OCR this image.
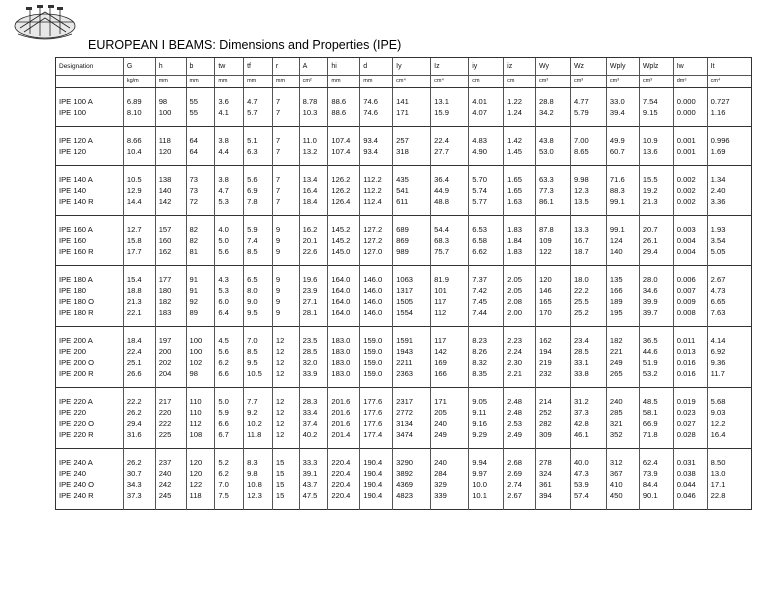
EUROPEAN I BEAMS: Dimensions and Properties (IPE)
Designation	G	h	b	tw	tf	r	A	hi	d	Iy	Iz	iy	iz	Wy	Wz	Wply	Wplz	Iw	It
	kg/m	mm	mm	mm	mm	mm	cm²	mm	mm	cm⁴	cm⁴	cm	cm	cm³	cm³	cm³	cm³	dm⁶	cm⁴
IPE 100 A	6.89	98	55	3.6	4.7	7	8.78	88.6	74.6	141	13.1	4.01	1.22	28.8	4.77	33.0	7.54	0.000	0.727
IPE 100	8.10	100	55	4.1	5.7	7	10.3	88.6	74.6	171	15.9	4.07	1.24	34.2	5.79	39.4	9.15	0.000	1.16
IPE 120 A	8.66	118	64	3.8	5.1	7	11.0	107.4	93.4	257	22.4	4.83	1.42	43.8	7.00	49.9	10.9	0.001	0.996
IPE 120	10.4	120	64	4.4	6.3	7	13.2	107.4	93.4	318	27.7	4.90	1.45	53.0	8.65	60.7	13.6	0.001	1.69
IPE 140 A	10.5	138	73	3.8	5.6	7	13.4	126.2	112.2	435	36.4	5.70	1.65	63.3	9.98	71.6	15.5	0.002	1.34
IPE 140	12.9	140	73	4.7	6.9	7	16.4	126.2	112.2	541	44.9	5.74	1.65	77.3	12.3	88.3	19.2	0.002	2.40
IPE 140 R	14.4	142	72	5.3	7.8	7	18.4	126.4	112.4	611	48.8	5.77	1.63	86.1	13.5	99.1	21.3	0.002	3.36
IPE 160 A	12.7	157	82	4.0	5.9	9	16.2	145.2	127.2	689	54.4	6.53	1.83	87.8	13.3	99.1	20.7	0.003	1.93
IPE 160	15.8	160	82	5.0	7.4	9	20.1	145.2	127.2	869	68.3	6.58	1.84	109	16.7	124	26.1	0.004	3.54
IPE 160 R	17.7	162	81	5.6	8.5	9	22.6	145.0	127.0	989	75.7	6.62	1.83	122	18.7	140	29.4	0.004	5.05
IPE 180 A	15.4	177	91	4.3	6.5	9	19.6	164.0	146.0	1063	81.9	7.37	2.05	120	18.0	135	28.0	0.006	2.67
IPE 180	18.8	180	91	5.3	8.0	9	23.9	164.0	146.0	1317	101	7.42	2.05	146	22.2	166	34.6	0.007	4.73
IPE 180 O	21.3	182	92	6.0	9.0	9	27.1	164.0	146.0	1505	117	7.45	2.08	165	25.5	189	39.9	0.009	6.65
IPE 180 R	22.1	183	89	6.4	9.5	9	28.1	164.0	146.0	1554	112	7.44	2.00	170	25.2	195	39.7	0.008	7.63
IPE 200 A	18.4	197	100	4.5	7.0	12	23.5	183.0	159.0	1591	117	8.23	2.23	162	23.4	182	36.5	0.011	4.14
IPE 200	22.4	200	100	5.6	8.5	12	28.5	183.0	159.0	1943	142	8.26	2.24	194	28.5	221	44.6	0.013	6.92
IPE 200 O	25.1	202	102	6.2	9.5	12	32.0	183.0	159.0	2211	169	8.32	2.30	219	33.1	249	51.9	0.016	9.36
IPE 200 R	26.6	204	98	6.6	10.5	12	33.9	183.0	159.0	2363	166	8.35	2.21	232	33.8	265	53.2	0.016	11.7
IPE 220 A	22.2	217	110	5.0	7.7	12	28.3	201.6	177.6	2317	171	9.05	2.48	214	31.2	240	48.5	0.019	5.68
IPE 220	26.2	220	110	5.9	9.2	12	33.4	201.6	177.6	2772	205	9.11	2.48	252	37.3	285	58.1	0.023	9.03
IPE 220 O	29.4	222	112	6.6	10.2	12	37.4	201.6	177.6	3134	240	9.16	2.53	282	42.8	321	66.9	0.027	12.2
IPE 220 R	31.6	225	108	6.7	11.8	12	40.2	201.4	177.4	3474	249	9.29	2.49	309	46.1	352	71.8	0.028	16.4
IPE 240 A	26.2	237	120	5.2	8.3	15	33.3	220.4	190.4	3290	240	9.94	2.68	278	40.0	312	62.4	0.031	8.50
IPE 240	30.7	240	120	6.2	9.8	15	39.1	220.4	190.4	3892	284	9.97	2.69	324	47.3	367	73.9	0.038	13.0
IPE 240 O	34.3	242	122	7.0	10.8	15	43.7	220.4	190.4	4369	329	10.0	2.74	361	53.9	410	84.4	0.044	17.1
IPE 240 R	37.3	245	118	7.5	12.3	15	47.5	220.4	190.4	4823	339	10.1	2.67	394	57.4	450	90.1	0.046	22.8
